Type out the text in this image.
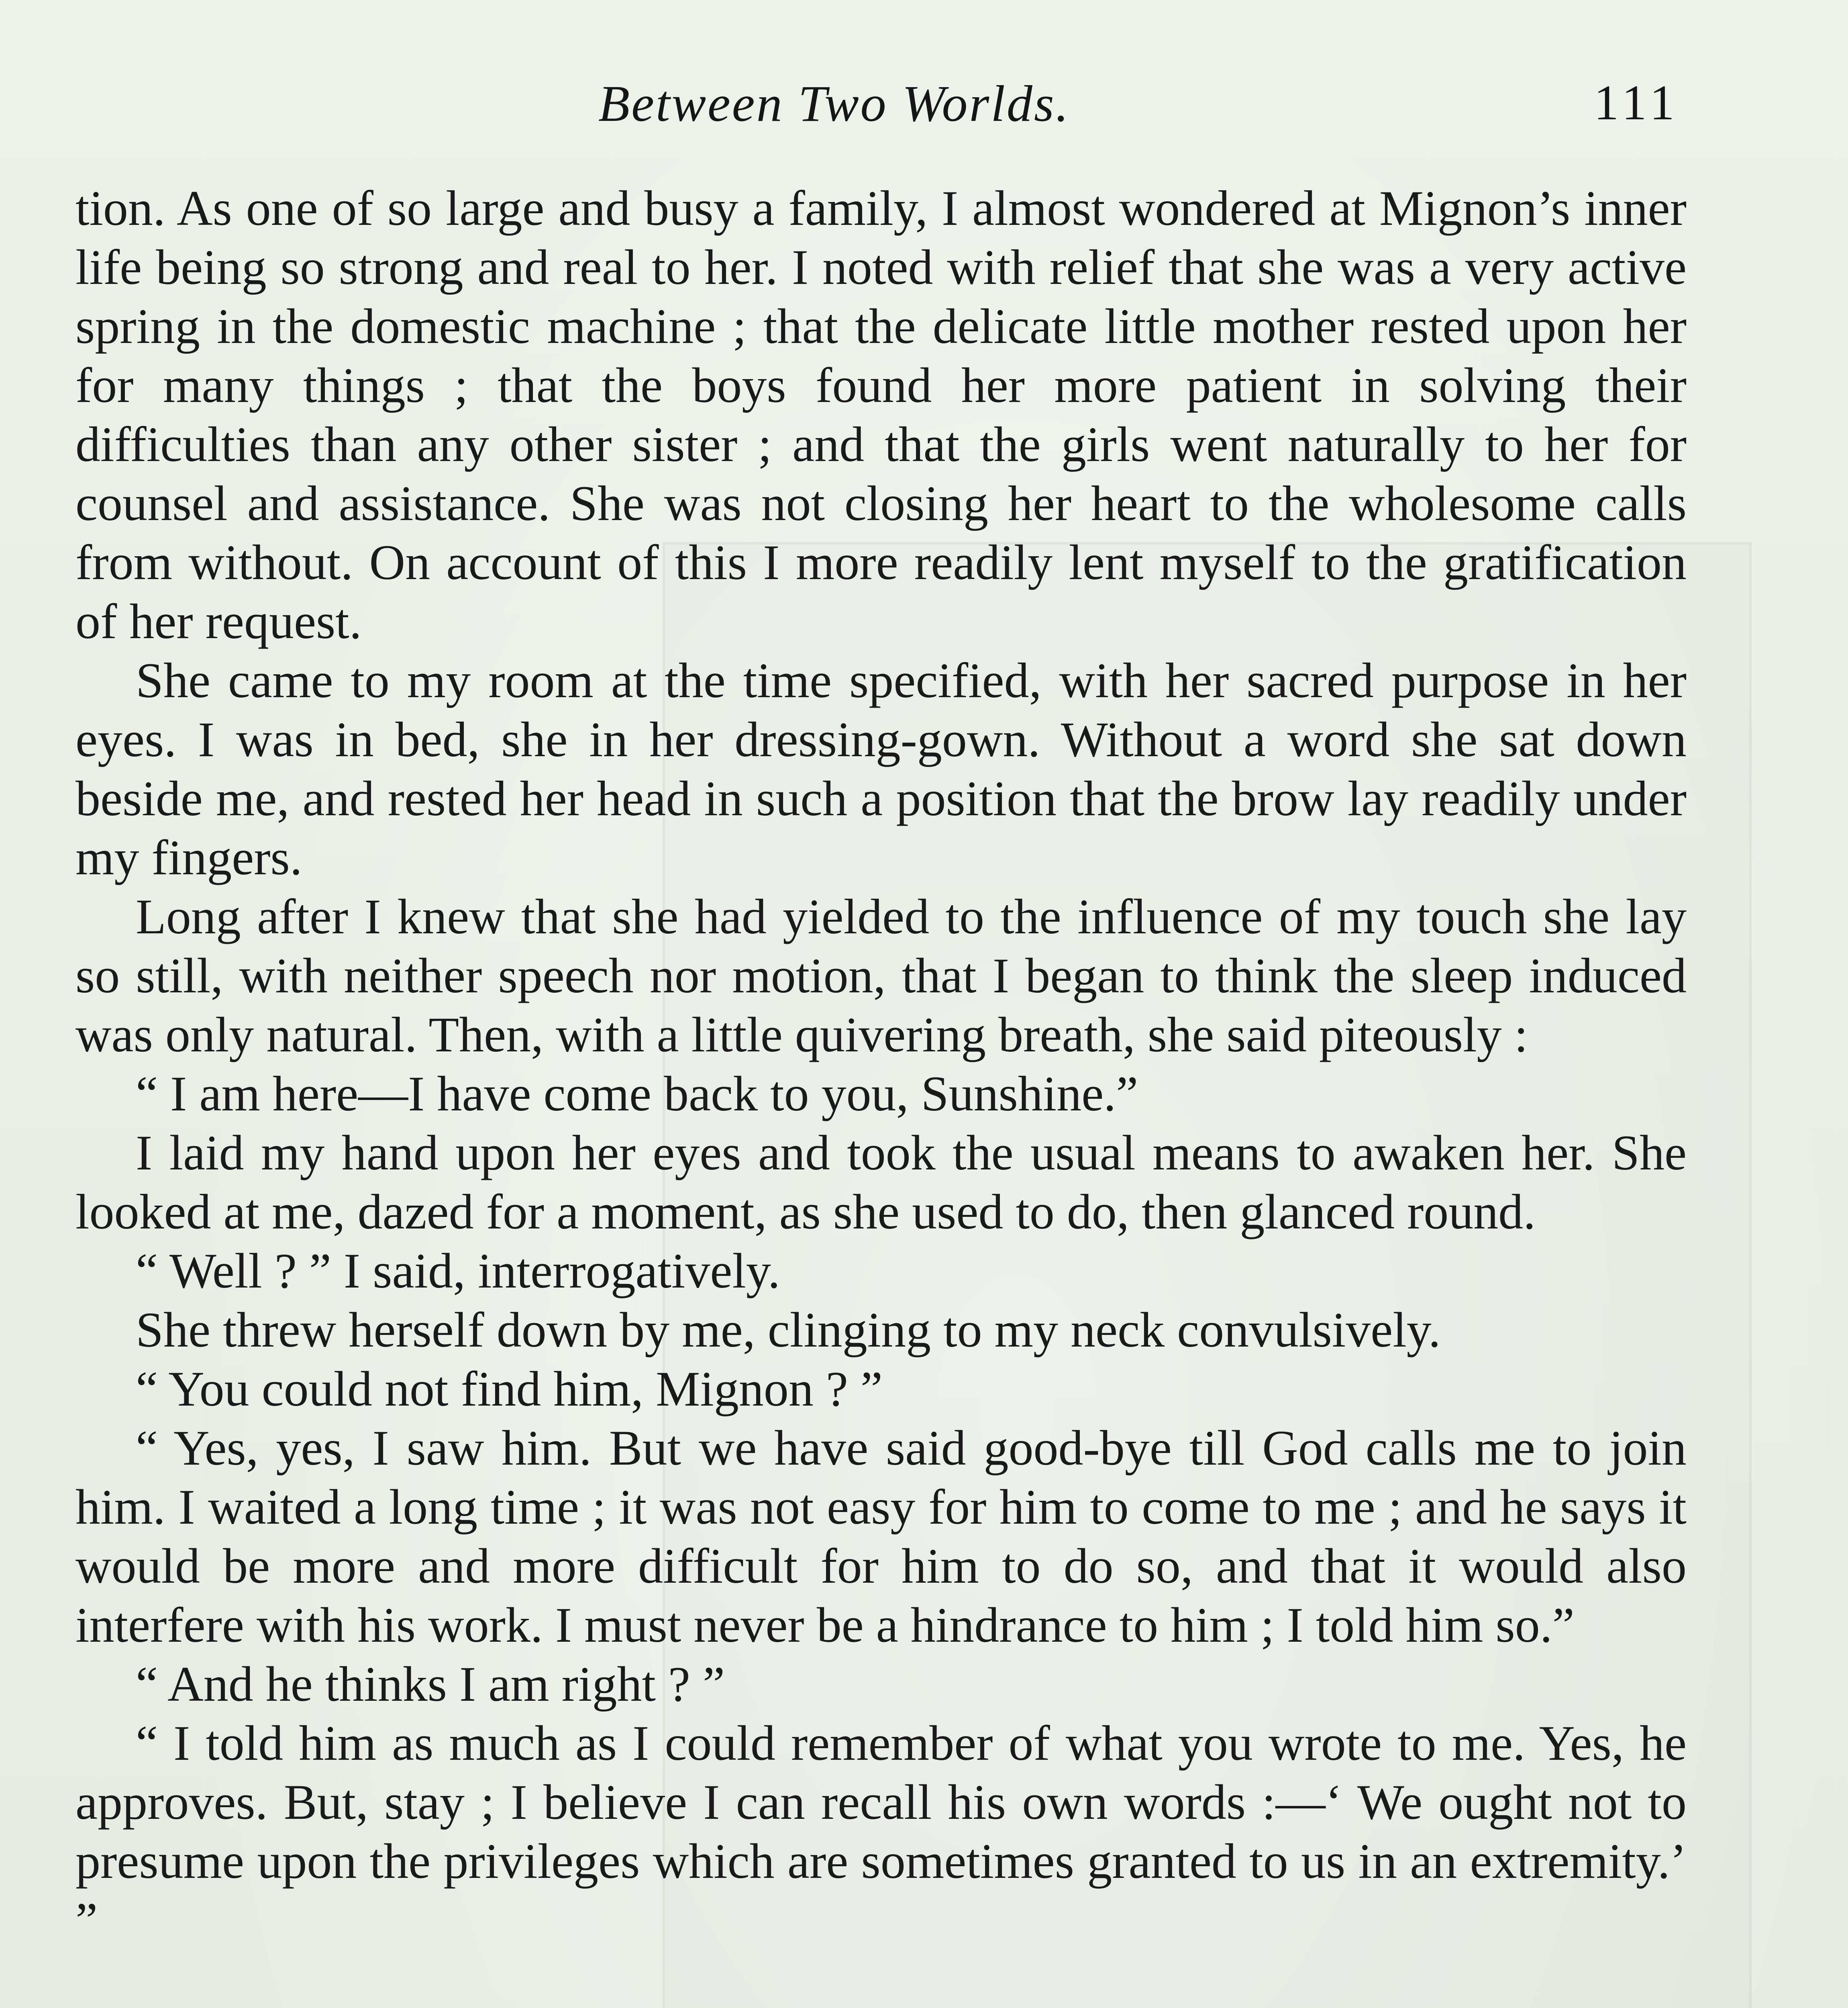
Between Two Worlds.	111

tion. As one of so large and busy a family, I almost wondered at Mignon’s inner life being so strong and real to her. I noted with relief that she was a very active spring in the domestic machine ; that the delicate little mother rested upon her for many things ; that the boys found her more patient in solving their difficulties than any other sister ; and that the girls went naturally to her for counsel and assistance. She was not closing her heart to the wholesome calls from without. On account of this I more readily lent myself to the gratification of her request.

She came to my room at the time specified, with her sacred purpose in her eyes. I was in bed, she in her dressing-gown. Without a word she sat down beside me, and rested her head in such a position that the brow lay readily under my fingers.

Long after I knew that she had yielded to the influence of my touch she lay so still, with neither speech nor motion, that I began to think the sleep induced was only natural. Then, with a little quivering breath, she said piteously :

“ I am here—I have come back to you, Sunshine.”

I laid my hand upon her eyes and took the usual means to awaken her. She looked at me, dazed for a moment, as she used to do, then glanced round.

“ Well ? ” I said, interrogatively.

She threw herself down by me, clinging to my neck convulsively.

“ You could not find him, Mignon ? ”

“ Yes, yes, I saw him. But we have said good-bye till God calls me to join him. I waited a long time ; it was not easy for him to come to me ; and he says it would be more and more difficult for him to do so, and that it would also interfere with his work. I must never be a hindrance to him ; I told him so.”

“ And he thinks I am right ? ”

“ I told him as much as I could remember of what you wrote to me. Yes, he approves. But, stay ; I believe I can recall his own words :—‘ We ought not to presume upon the privileges which are sometimes granted to us in an extremity.’ ”
